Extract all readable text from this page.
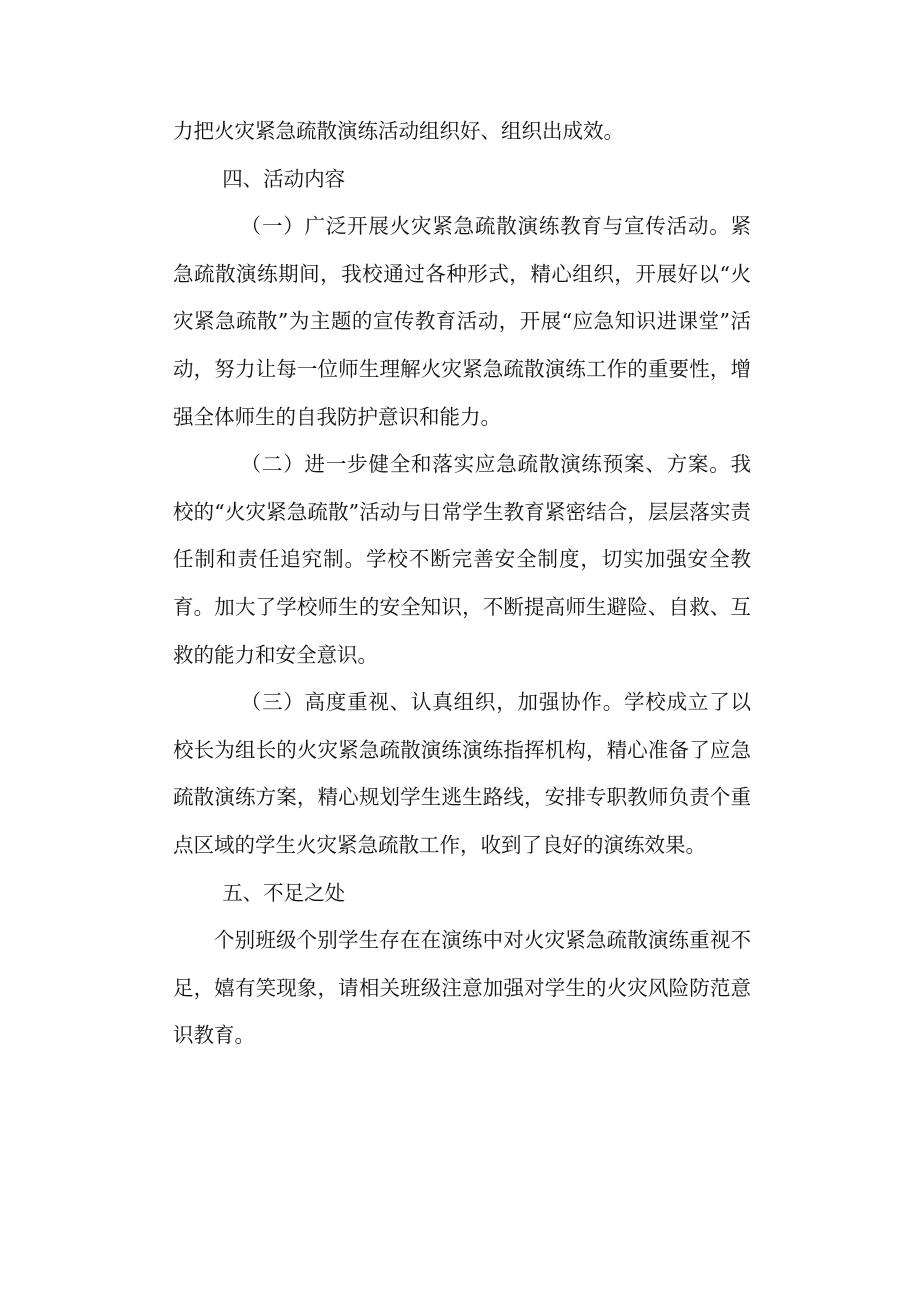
力把火灾紧急疏散演练活动组织好、组织出成效。

四、活动内容

（一）广泛开展火灾紧急疏散演练教育与宣传活动。紧急疏散演练期间，我校通过各种形式，精心组织，开展好以“火灾紧急疏散”为主题的宣传教育活动，开展“应急知识进课堂”活动，努力让每一位师生理解火灾紧急疏散演练工作的重要性，增强全体师生的自我防护意识和能力。

（二）进一步健全和落实应急疏散演练预案、方案。我校的“火灾紧急疏散”活动与日常学生教育紧密结合，层层落实责任制和责任追究制。学校不断完善安全制度，切实加强安全教育。加大了学校师生的安全知识，不断提高师生避险、自救、互救的能力和安全意识。

（三）高度重视、认真组织，加强协作。学校成立了以校长为组长的火灾紧急疏散演练演练指挥机构，精心准备了应急疏散演练方案，精心规划学生逃生路线，安排专职教师负责个重点区域的学生火灾紧急疏散工作，收到了良好的演练效果。

五、不足之处

个别班级个别学生存在在演练中对火灾紧急疏散演练重视不足，嬉有笑现象，请相关班级注意加强对学生的火灾风险防范意识教育。
